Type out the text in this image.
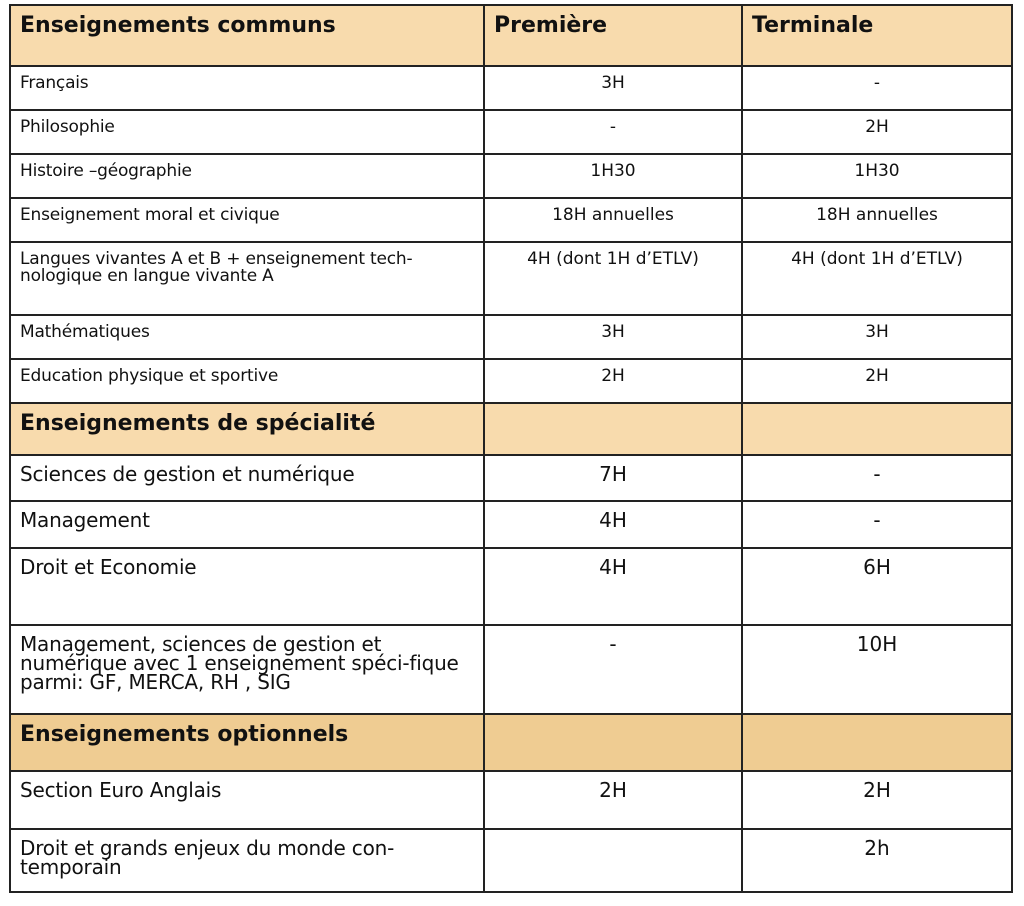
Enseignements communs	Première	Terminale

Français	3H	-

Philosophie	-	2H

Histoire –géographie	1H30	1H30

Enseignement moral et civique	18H annuelles	18H annuelles

Langues vivantes A et B + enseignement tech-nologique en langue vivante A	4H (dont 1H d’ETLV)	4H (dont 1H d’ETLV)

Mathématiques	3H	3H

Education physique et sportive	2H	2H

Enseignements de spécialité		

Sciences de gestion et numérique	7H	-

Management	4H	-

Droit et Economie	4H	6H

Management, sciences de gestion et numérique avec 1 enseignement spéci-fique parmi: GF, MERCA, RH , SIG	-	10H

Enseignements optionnels		

Section Euro Anglais	2H	2H

Droit et grands enjeux du monde con-temporain		2h
